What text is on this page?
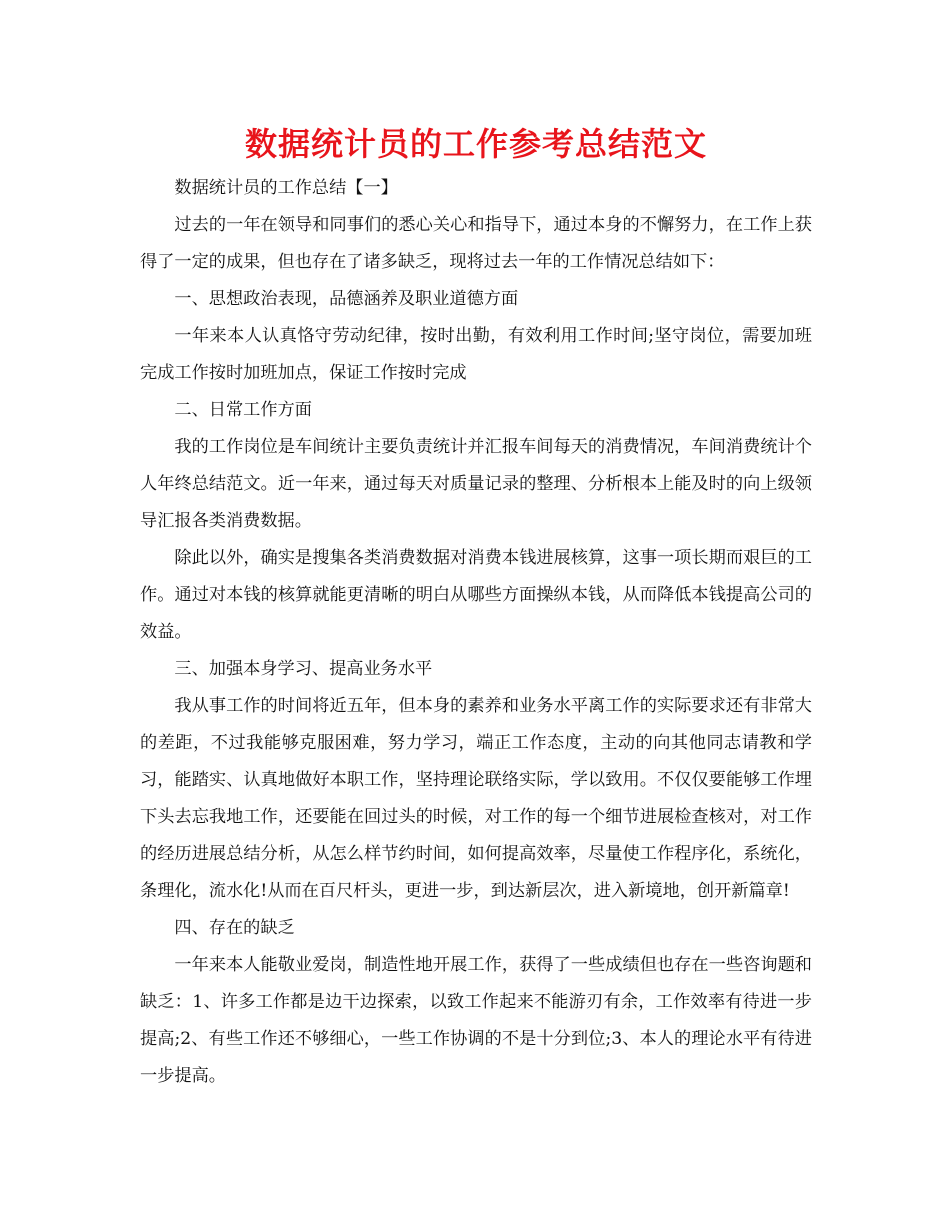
数据统计员的工作参考总结范文

数据统计员的工作总结【一】

过去的一年在领导和同事们的悉心关心和指导下，通过本身的不懈努力，在工作上获得了一定的成果，但也存在了诸多缺乏，现将过去一年的工作情况总结如下：

一、思想政治表现，品德涵养及职业道德方面

一年来本人认真恪守劳动纪律，按时出勤，有效利用工作时间;坚守岗位，需要加班完成工作按时加班加点，保证工作按时完成

二、日常工作方面

我的工作岗位是车间统计主要负责统计并汇报车间每天的消费情况，车间消费统计个人年终总结范文。近一年来，通过每天对质量记录的整理、分析根本上能及时的向上级领导汇报各类消费数据。

除此以外，确实是搜集各类消费数据对消费本钱进展核算，这事一项长期而艰巨的工作。通过对本钱的核算就能更清晰的明白从哪些方面操纵本钱，从而降低本钱提高公司的效益。

三、加强本身学习、提高业务水平

我从事工作的时间将近五年，但本身的素养和业务水平离工作的实际要求还有非常大的差距，不过我能够克服困难，努力学习，端正工作态度，主动的向其他同志请教和学习，能踏实、认真地做好本职工作，坚持理论联络实际，学以致用。不仅仅要能够工作埋下头去忘我地工作，还要能在回过头的时候，对工作的每一个细节进展检查核对，对工作的经历进展总结分析，从怎么样节约时间，如何提高效率，尽量使工作程序化，系统化，条理化，流水化!从而在百尺杆头，更进一步，到达新层次，进入新境地，创开新篇章!

四、存在的缺乏

一年来本人能敬业爱岗，制造性地开展工作，获得了一些成绩但也存在一些咨询题和缺乏：1、许多工作都是边干边探索，以致工作起来不能游刃有余，工作效率有待进一步提高;2、有些工作还不够细心，一些工作协调的不是十分到位;3、本人的理论水平有待进一步提高。
